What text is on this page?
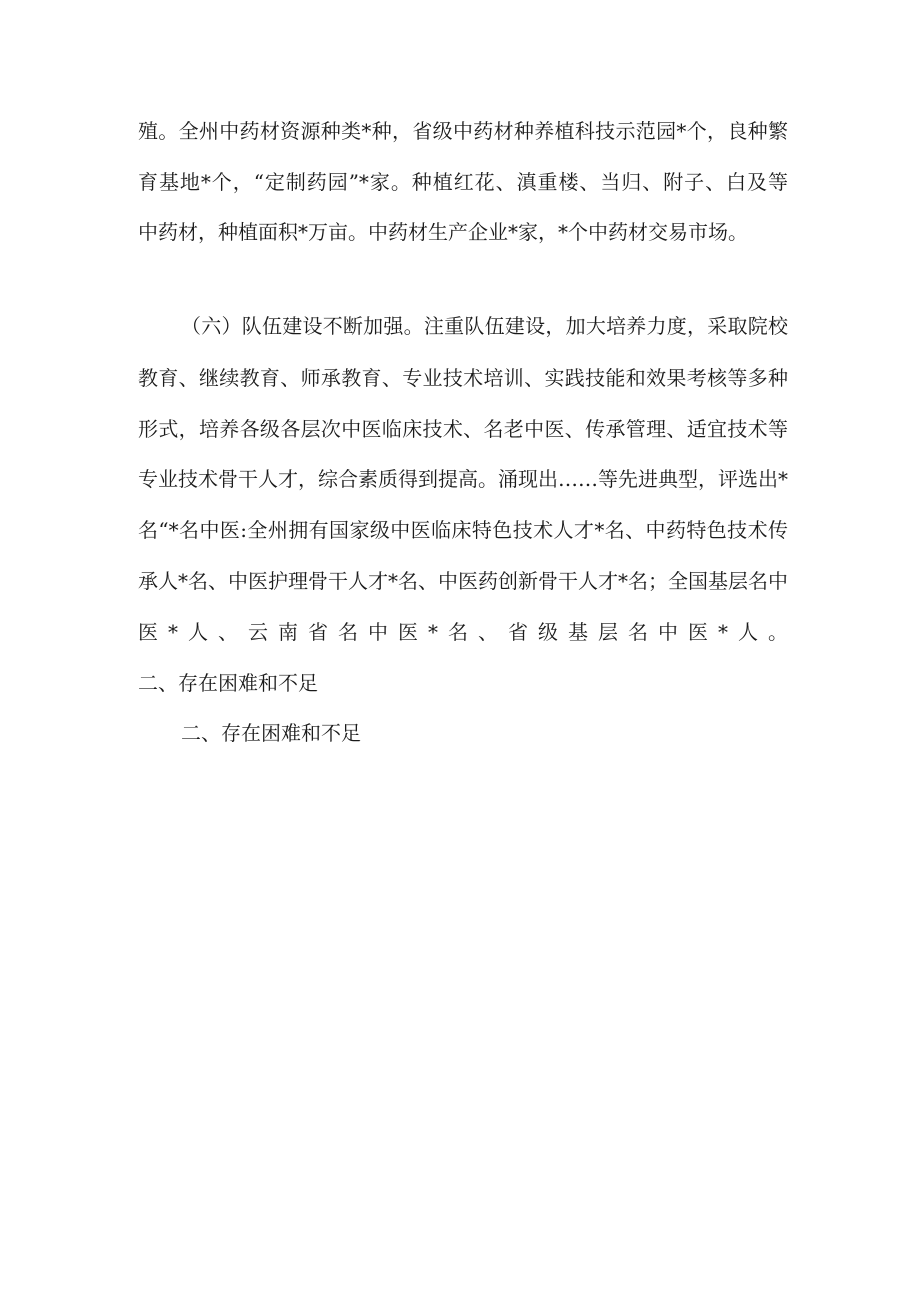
殖。全州中药材资源种类*种，省级中药材种养植科技示范园*个，良种繁
育基地*个，“定制药园”*家。种植红花、滇重楼、当归、附子、白及等
中药材，种植面积*万亩。中药材生产企业*家，*个中药材交易市场。
（六）队伍建设不断加强。注重队伍建设，加大培养力度，采取院校
教育、继续教育、师承教育、专业技术培训、实践技能和效果考核等多种
形式，培养各级各层次中医临床技术、名老中医、传承管理、适宜技术等
专业技术骨干人才，综合素质得到提高。涌现出……等先进典型，评选出*
名“*名中医:全州拥有国家级中医临床特色技术人才*名、中药特色技术传
承人*名、中医护理骨干人才*名、中医药创新骨干人才*名；全国基层名中
医*人、云南省名中医*名、省级基层名中医*人。
二、存在困难和不足
二、存在困难和不足
